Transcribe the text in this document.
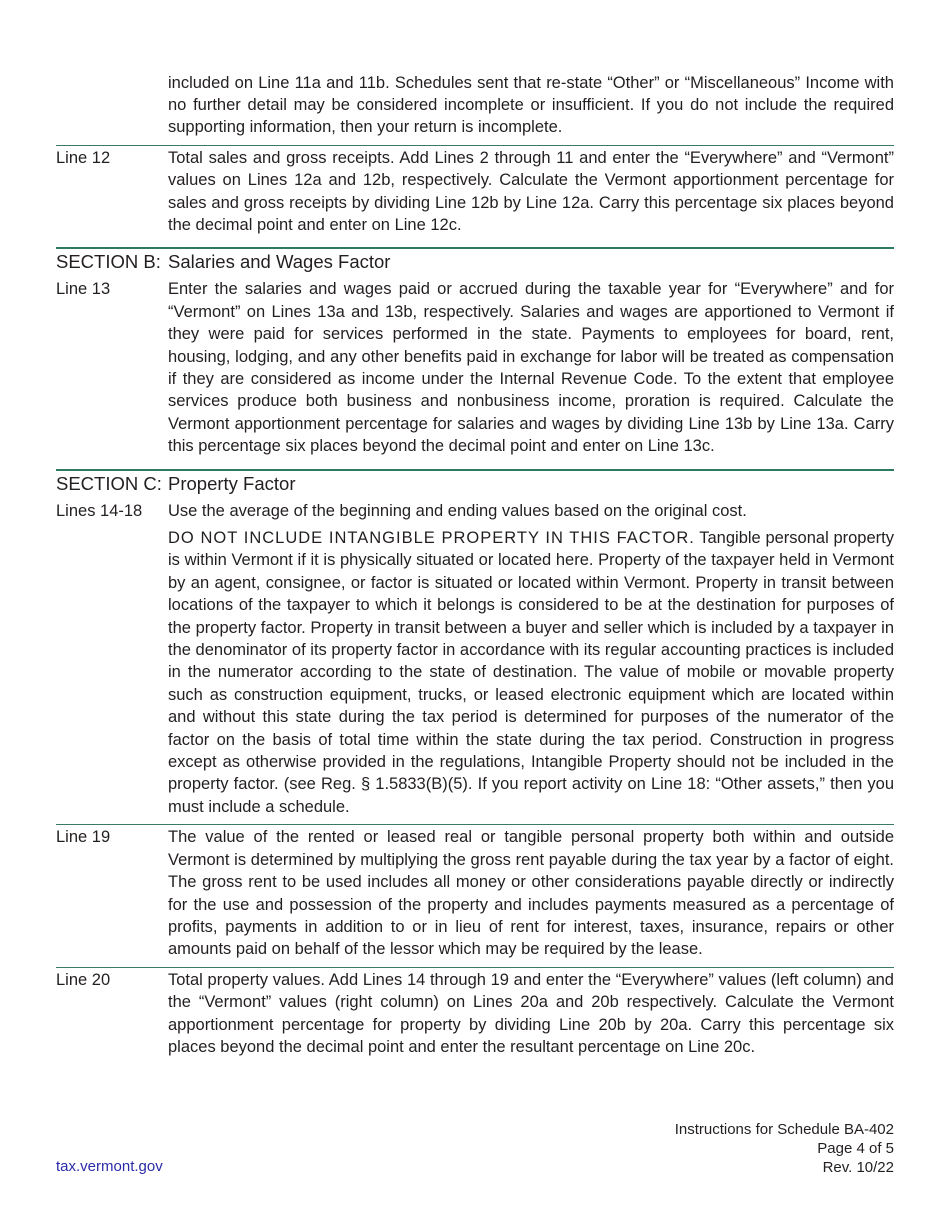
included on Line 11a and 11b. Schedules sent that re-state “Other” or “Miscellaneous” Income with no further detail may be considered incomplete or insufficient. If you do not include the required supporting information, then your return is incomplete.

Line 12	Total sales and gross receipts. Add Lines 2 through 11 and enter the “Everywhere” and “Vermont” values on Lines 12a and 12b, respectively. Calculate the Vermont apportionment percentage for sales and gross receipts by dividing Line 12b by Line 12a. Carry this percentage six places beyond the decimal point and enter on Line 12c.

SECTION B: Salaries and Wages Factor
Line 13	Enter the salaries and wages paid or accrued during the taxable year for “Everywhere” and for “Vermont” on Lines 13a and 13b, respectively. Salaries and wages are apportioned to Vermont if they were paid for services performed in the state. Payments to employees for board, rent, housing, lodging, and any other benefits paid in exchange for labor will be treated as compensation if they are considered as income under the Internal Revenue Code. To the extent that employee services produce both business and nonbusiness income, proration is required. Calculate the Vermont apportionment percentage for salaries and wages by dividing Line 13b by Line 13a. Carry this percentage six places beyond the decimal point and enter on Line 13c.

SECTION C: Property Factor
Lines 14-18	Use the average of the beginning and ending values based on the original cost.

DO NOT INCLUDE INTANGIBLE PROPERTY IN THIS FACTOR. Tangible personal property is within Vermont if it is physically situated or located here. Property of the taxpayer held in Vermont by an agent, consignee, or factor is situated or located within Vermont. Property in transit between locations of the taxpayer to which it belongs is considered to be at the destination for purposes of the property factor. Property in transit between a buyer and seller which is included by a taxpayer in the denominator of its property factor in accordance with its regular accounting practices is included in the numerator according to the state of destination. The value of mobile or movable property such as construction equipment, trucks, or leased electronic equipment which are located within and without this state during the tax period is determined for purposes of the numerator of the factor on the basis of total time within the state during the tax period. Construction in progress except as otherwise provided in the regulations, Intangible Property should not be included in the property factor. (see Reg. § 1.5833(B)(5). If you report activity on Line 18: “Other assets,” then you must include a schedule.

Line 19	The value of the rented or leased real or tangible personal property both within and outside Vermont is determined by multiplying the gross rent payable during the tax year by a factor of eight. The gross rent to be used includes all money or other considerations payable directly or indirectly for the use and possession of the property and includes payments measured as a percentage of profits, payments in addition to or in lieu of rent for interest, taxes, insurance, repairs or other amounts paid on behalf of the lessor which may be required by the lease.

Line 20	Total property values. Add Lines 14 through 19 and enter the “Everywhere” values (left column) and the “Vermont” values (right column) on Lines 20a and 20b respectively. Calculate the Vermont apportionment percentage for property by dividing Line 20b by 20a. Carry this percentage six places beyond the decimal point and enter the resultant percentage on Line 20c.

Instructions for Schedule BA-402
Page 4 of 5
Rev. 10/22
tax.vermont.gov
